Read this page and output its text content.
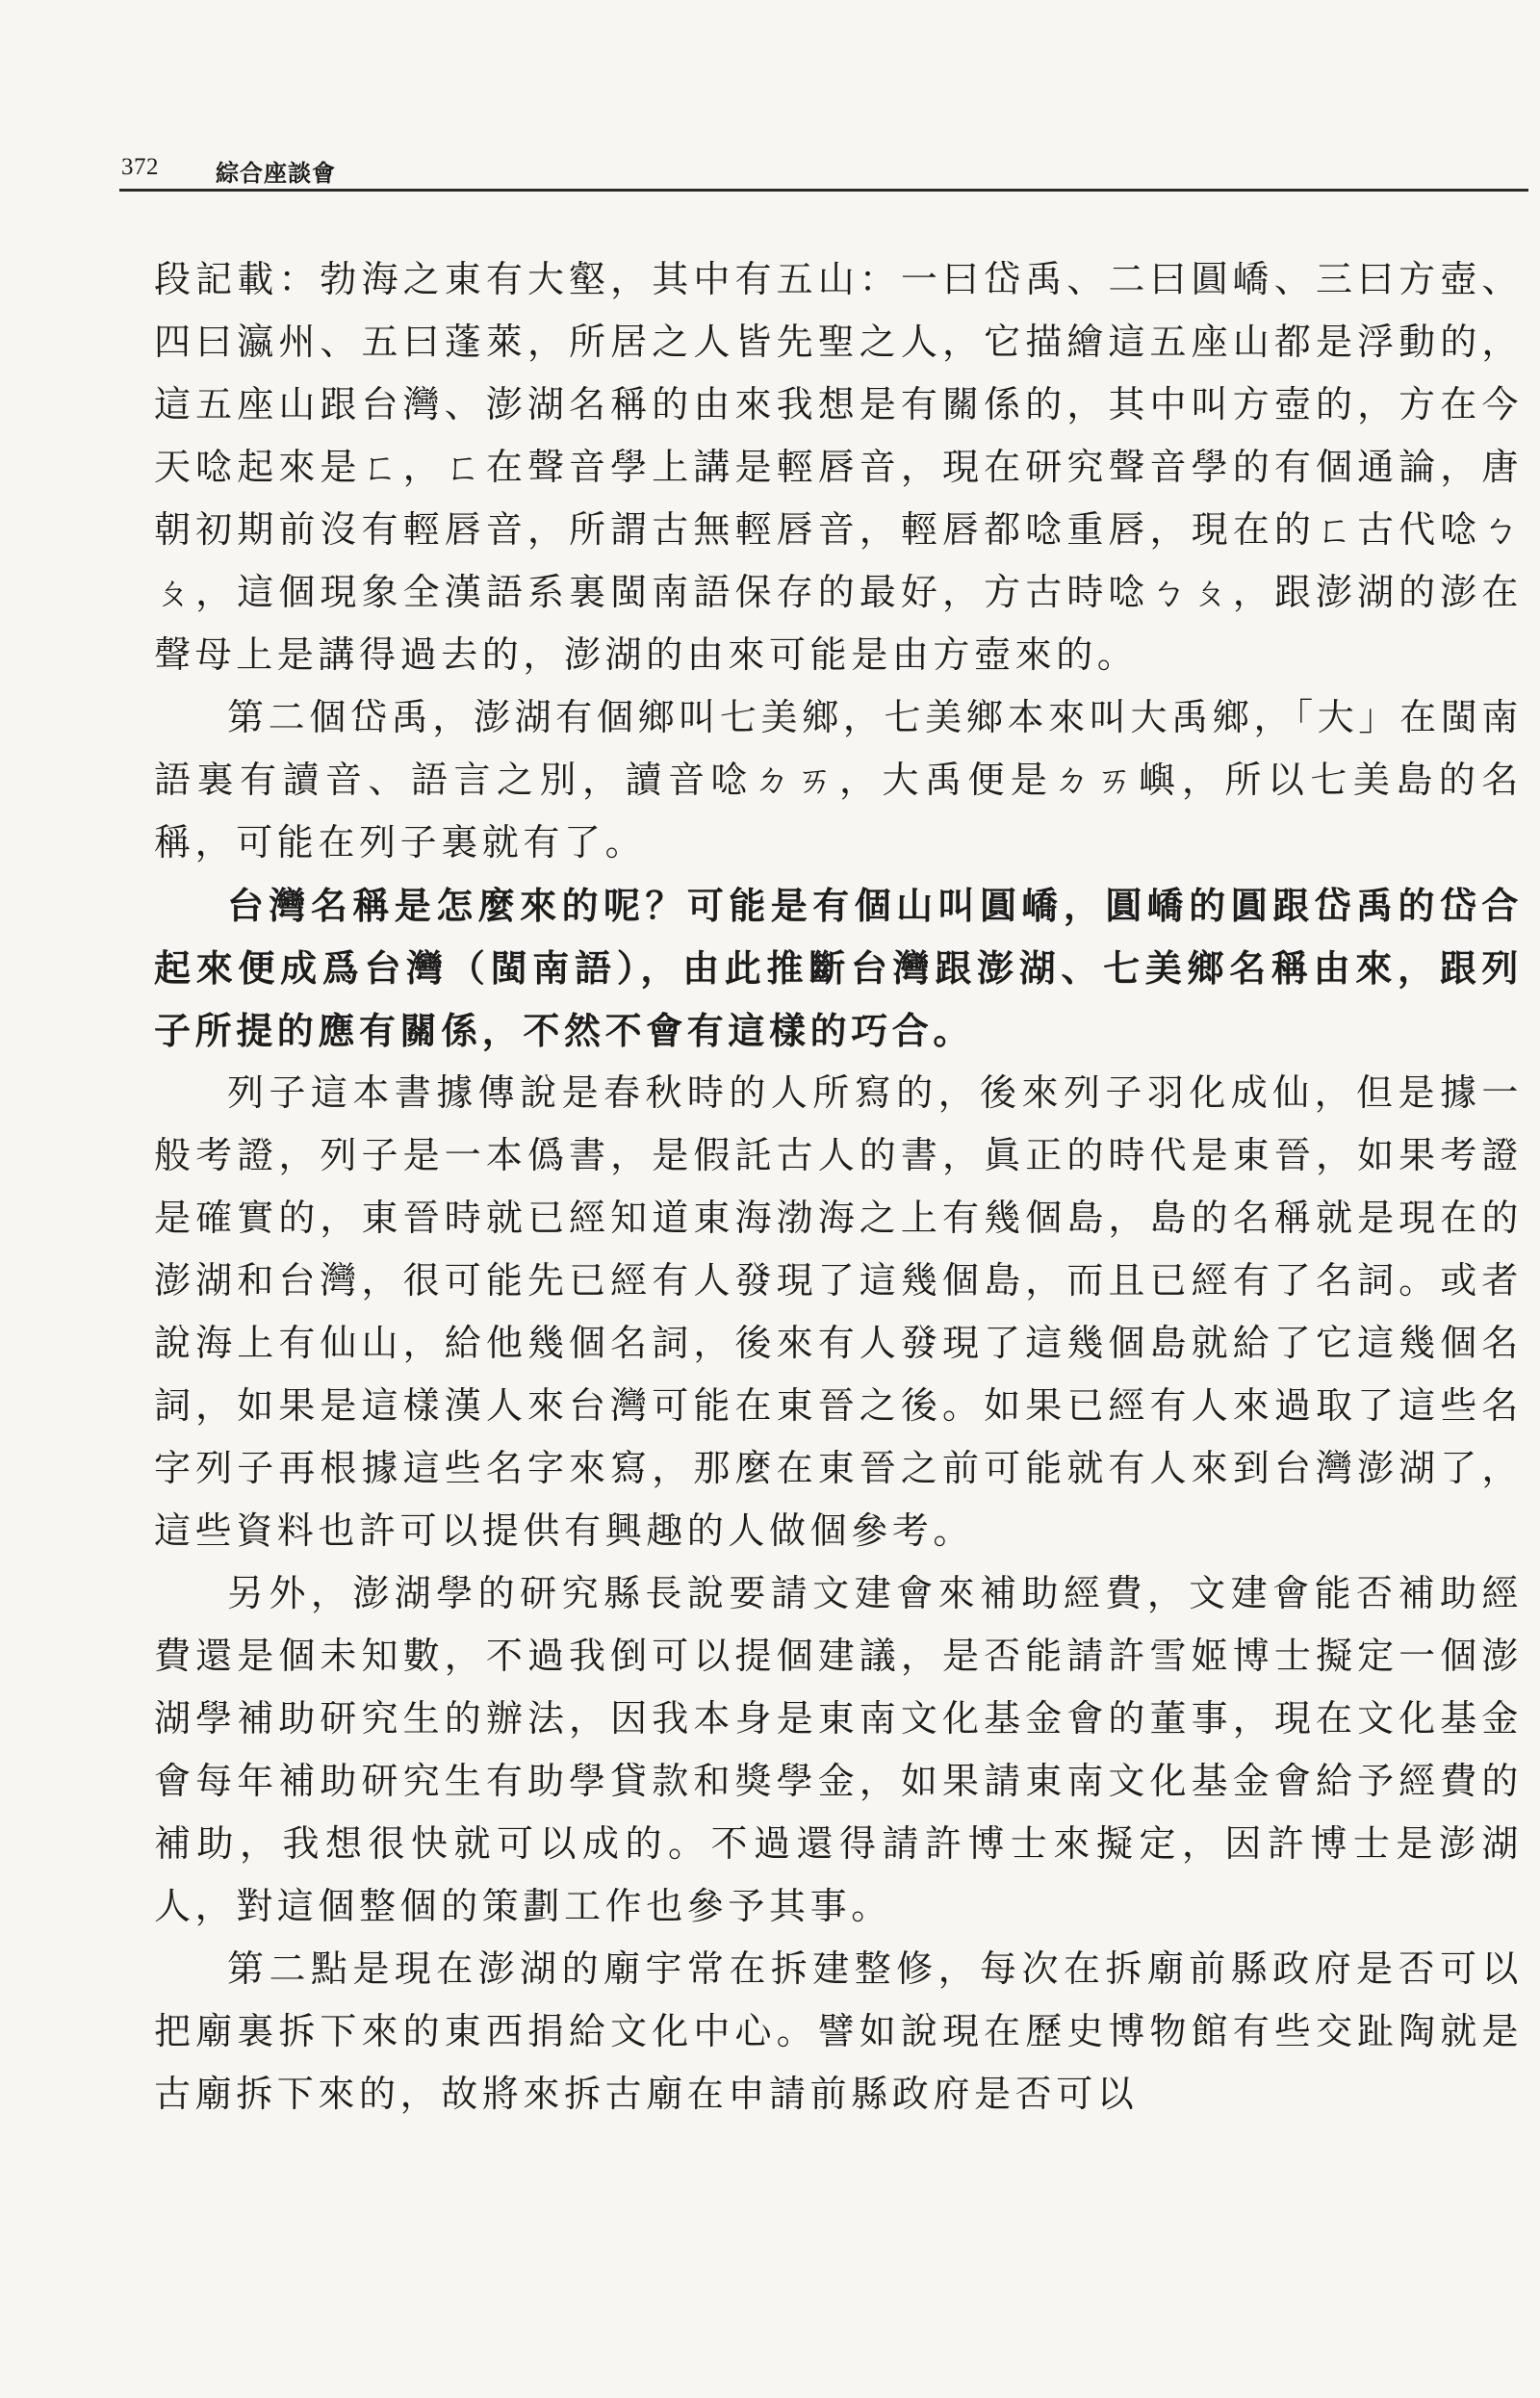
372 綜合座談會

段記載：勃海之東有大壑，其中有五山：一曰岱禹、二曰圓嶠、三曰方壺、四曰瀛州、五曰蓬萊，所居之人皆先聖之人，它描繪這五座山都是浮動的，這五座山跟台灣、澎湖名稱的由來我想是有關係的，其中叫方壺的，方在今天唸起來是ㄈ，ㄈ在聲音學上講是輕唇音，現在研究聲音學的有個通論，唐朝初期前沒有輕唇音，所謂古無輕唇音，輕唇都唸重唇，現在的ㄈ古代唸ㄅㄆ，這個現象全漢語系裏閩南語保存的最好，方古時唸ㄅㄆ，跟澎湖的澎在聲母上是講得過去的，澎湖的由來可能是由方壺來的。

第二個岱禹，澎湖有個鄉叫七美鄉，七美鄉本來叫大禹鄉，「大」在閩南語裏有讀音、語言之別，讀音唸ㄉㄞ，大禹便是ㄉㄞ嶼，所以七美島的名稱，可能在列子裏就有了。

台灣名稱是怎麼來的呢？可能是有個山叫圓嶠，圓嶠的圓跟岱禹的岱合起來便成爲台灣（閩南語），由此推斷台灣跟澎湖、七美鄉名稱由來，跟列子所提的應有關係，不然不會有這樣的巧合。

列子這本書據傳說是春秋時的人所寫的，後來列子羽化成仙，但是據一般考證，列子是一本僞書，是假託古人的書，眞正的時代是東晉，如果考證是確實的，東晉時就已經知道東海渤海之上有幾個島，島的名稱就是現在的澎湖和台灣，很可能先已經有人發現了這幾個島，而且已經有了名詞。或者說海上有仙山，給他幾個名詞，後來有人發現了這幾個島就給了它這幾個名詞，如果是這樣漢人來台灣可能在東晉之後。如果已經有人來過取了這些名字列子再根據這些名字來寫，那麼在東晉之前可能就有人來到台灣澎湖了，這些資料也許可以提供有興趣的人做個參考。

另外，澎湖學的研究縣長說要請文建會來補助經費，文建會能否補助經費還是個未知數，不過我倒可以提個建議，是否能請許雪姬博士擬定一個澎湖學補助研究生的辦法，因我本身是東南文化基金會的董事，現在文化基金會每年補助研究生有助學貸款和獎學金，如果請東南文化基金會給予經費的補助，我想很快就可以成的。不過還得請許博士來擬定，因許博士是澎湖人，對這個整個的策劃工作也參予其事。

第二點是現在澎湖的廟宇常在拆建整修，每次在拆廟前縣政府是否可以把廟裏拆下來的東西捐給文化中心。譬如說現在歷史博物館有些交趾陶就是古廟拆下來的，故將來拆古廟在申請前縣政府是否可以
